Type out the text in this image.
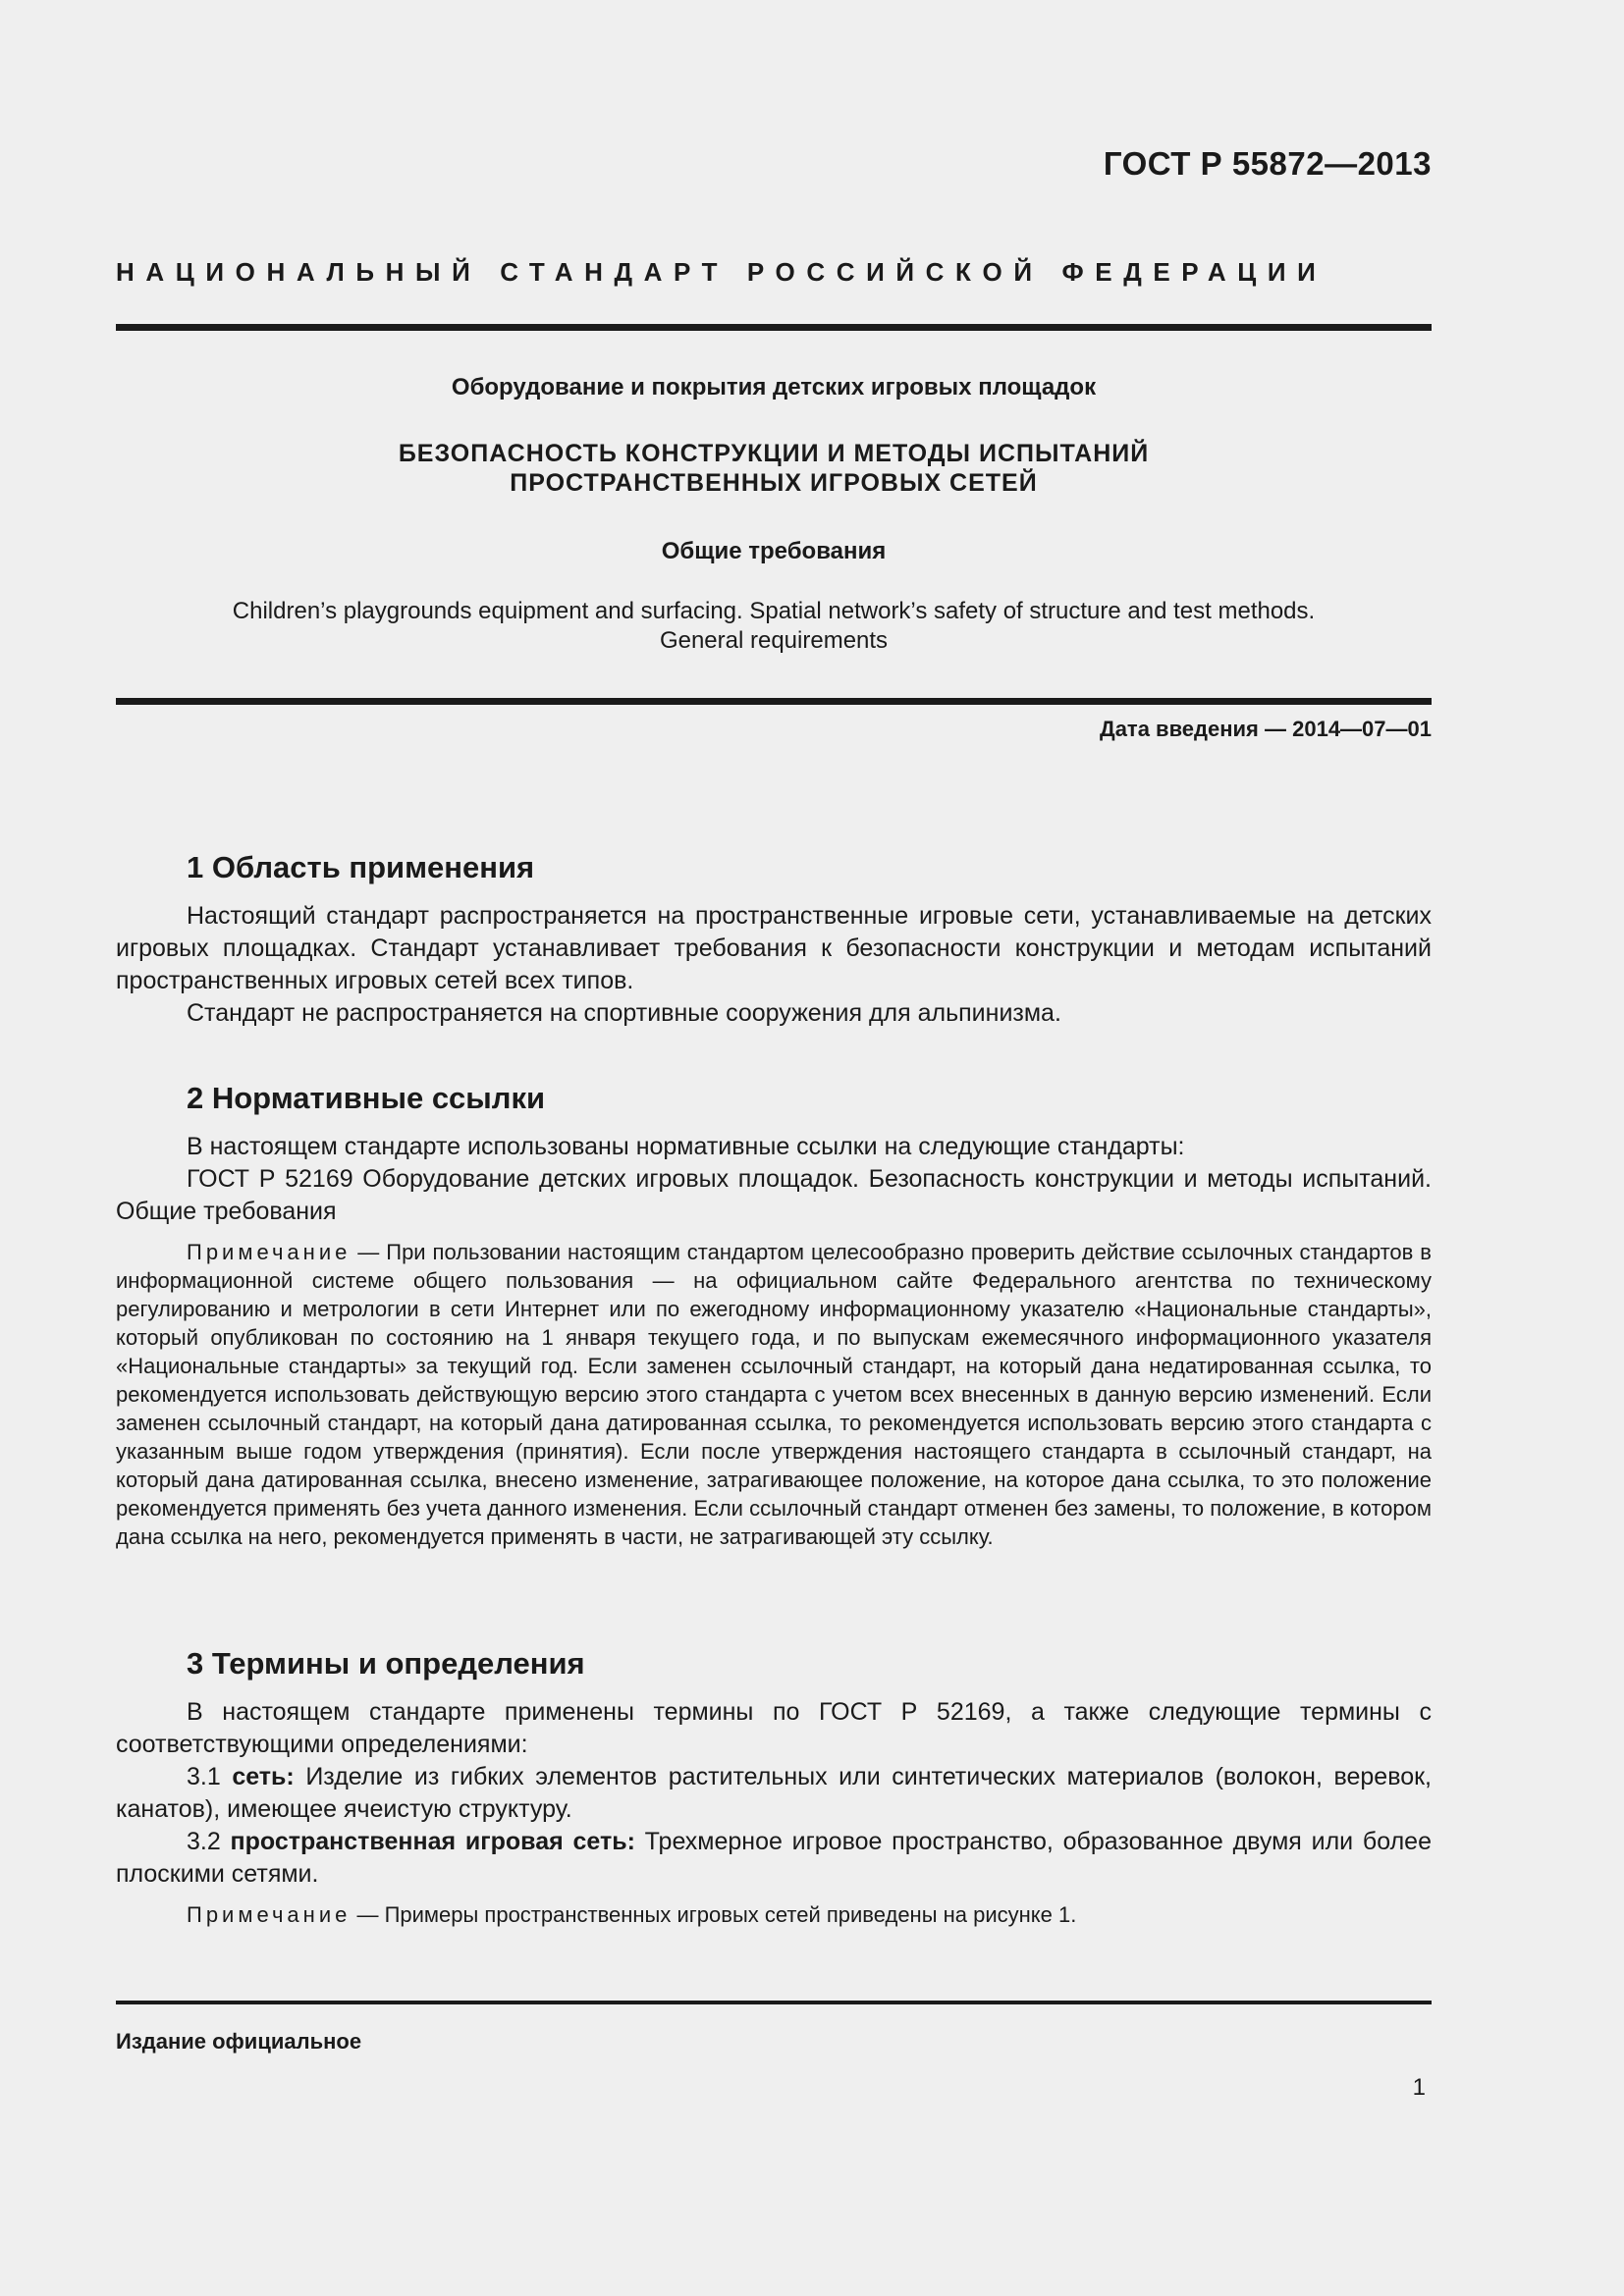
ГОСТ Р 55872—2013
НАЦИОНАЛЬНЫЙ СТАНДАРТ РОССИЙСКОЙ ФЕДЕРАЦИИ
Оборудование и покрытия детских игровых площадок
БЕЗОПАСНОСТЬ КОНСТРУКЦИИ И МЕТОДЫ ИСПЫТАНИЙ
ПРОСТРАНСТВЕННЫХ ИГРОВЫХ СЕТЕЙ
Общие требования
Children’s playgrounds equipment and surfacing. Spatial network’s safety of structure and test methods.
General requirements
Дата введения — 2014—07—01
1 Область применения

Настоящий стандарт распространяется на пространственные игровые сети, устанавливаемые на детских игровых площадках. Стандарт устанавливает требования к безопасности конструкции и методам испытаний пространственных игровых сетей всех типов.

Стандарт не распространяется на спортивные сооружения для альпинизма.

2 Нормативные ссылки

В настоящем стандарте использованы нормативные ссылки на следующие стандарты:

ГОСТ Р 52169 Оборудование детских игровых площадок. Безопасность конструкции и методы испытаний. Общие требования

Примечание — При пользовании настоящим стандартом целесообразно проверить действие ссылочных стандартов в информационной системе общего пользования — на официальном сайте Федерального агентства по техническому регулированию и метрологии в сети Интернет или по ежегодному информационному указателю «Национальные стандарты», который опубликован по состоянию на 1 января текущего года, и по выпускам ежемесячного информационного указателя «Национальные стандарты» за текущий год. Если заменен ссылочный стандарт, на который дана недатированная ссылка, то рекомендуется использовать действующую версию этого стандарта с учетом всех внесенных в данную версию изменений. Если заменен ссылочный стандарт, на который дана датированная ссылка, то рекомендуется использовать версию этого стандарта с указанным выше годом утверждения (принятия). Если после утверждения настоящего стандарта в ссылочный стандарт, на который дана датированная ссылка, внесено изменение, затрагивающее положение, на которое дана ссылка, то это положение рекомендуется применять без учета данного изменения. Если ссылочный стандарт отменен без замены, то положение, в котором дана ссылка на него, рекомендуется применять в части, не затрагивающей эту ссылку.

3 Термины и определения

В настоящем стандарте применены термины по ГОСТ Р 52169, а также следующие термины с соответствующими определениями:

3.1 сеть: Изделие из гибких элементов растительных или синтетических материалов (волокон, веревок, канатов), имеющее ячеистую структуру.

3.2 пространственная игровая сеть: Трехмерное игровое пространство, образованное двумя или более плоскими сетями.

Примечание — Примеры пространственных игровых сетей приведены на рисунке 1.

Издание официальное
1
